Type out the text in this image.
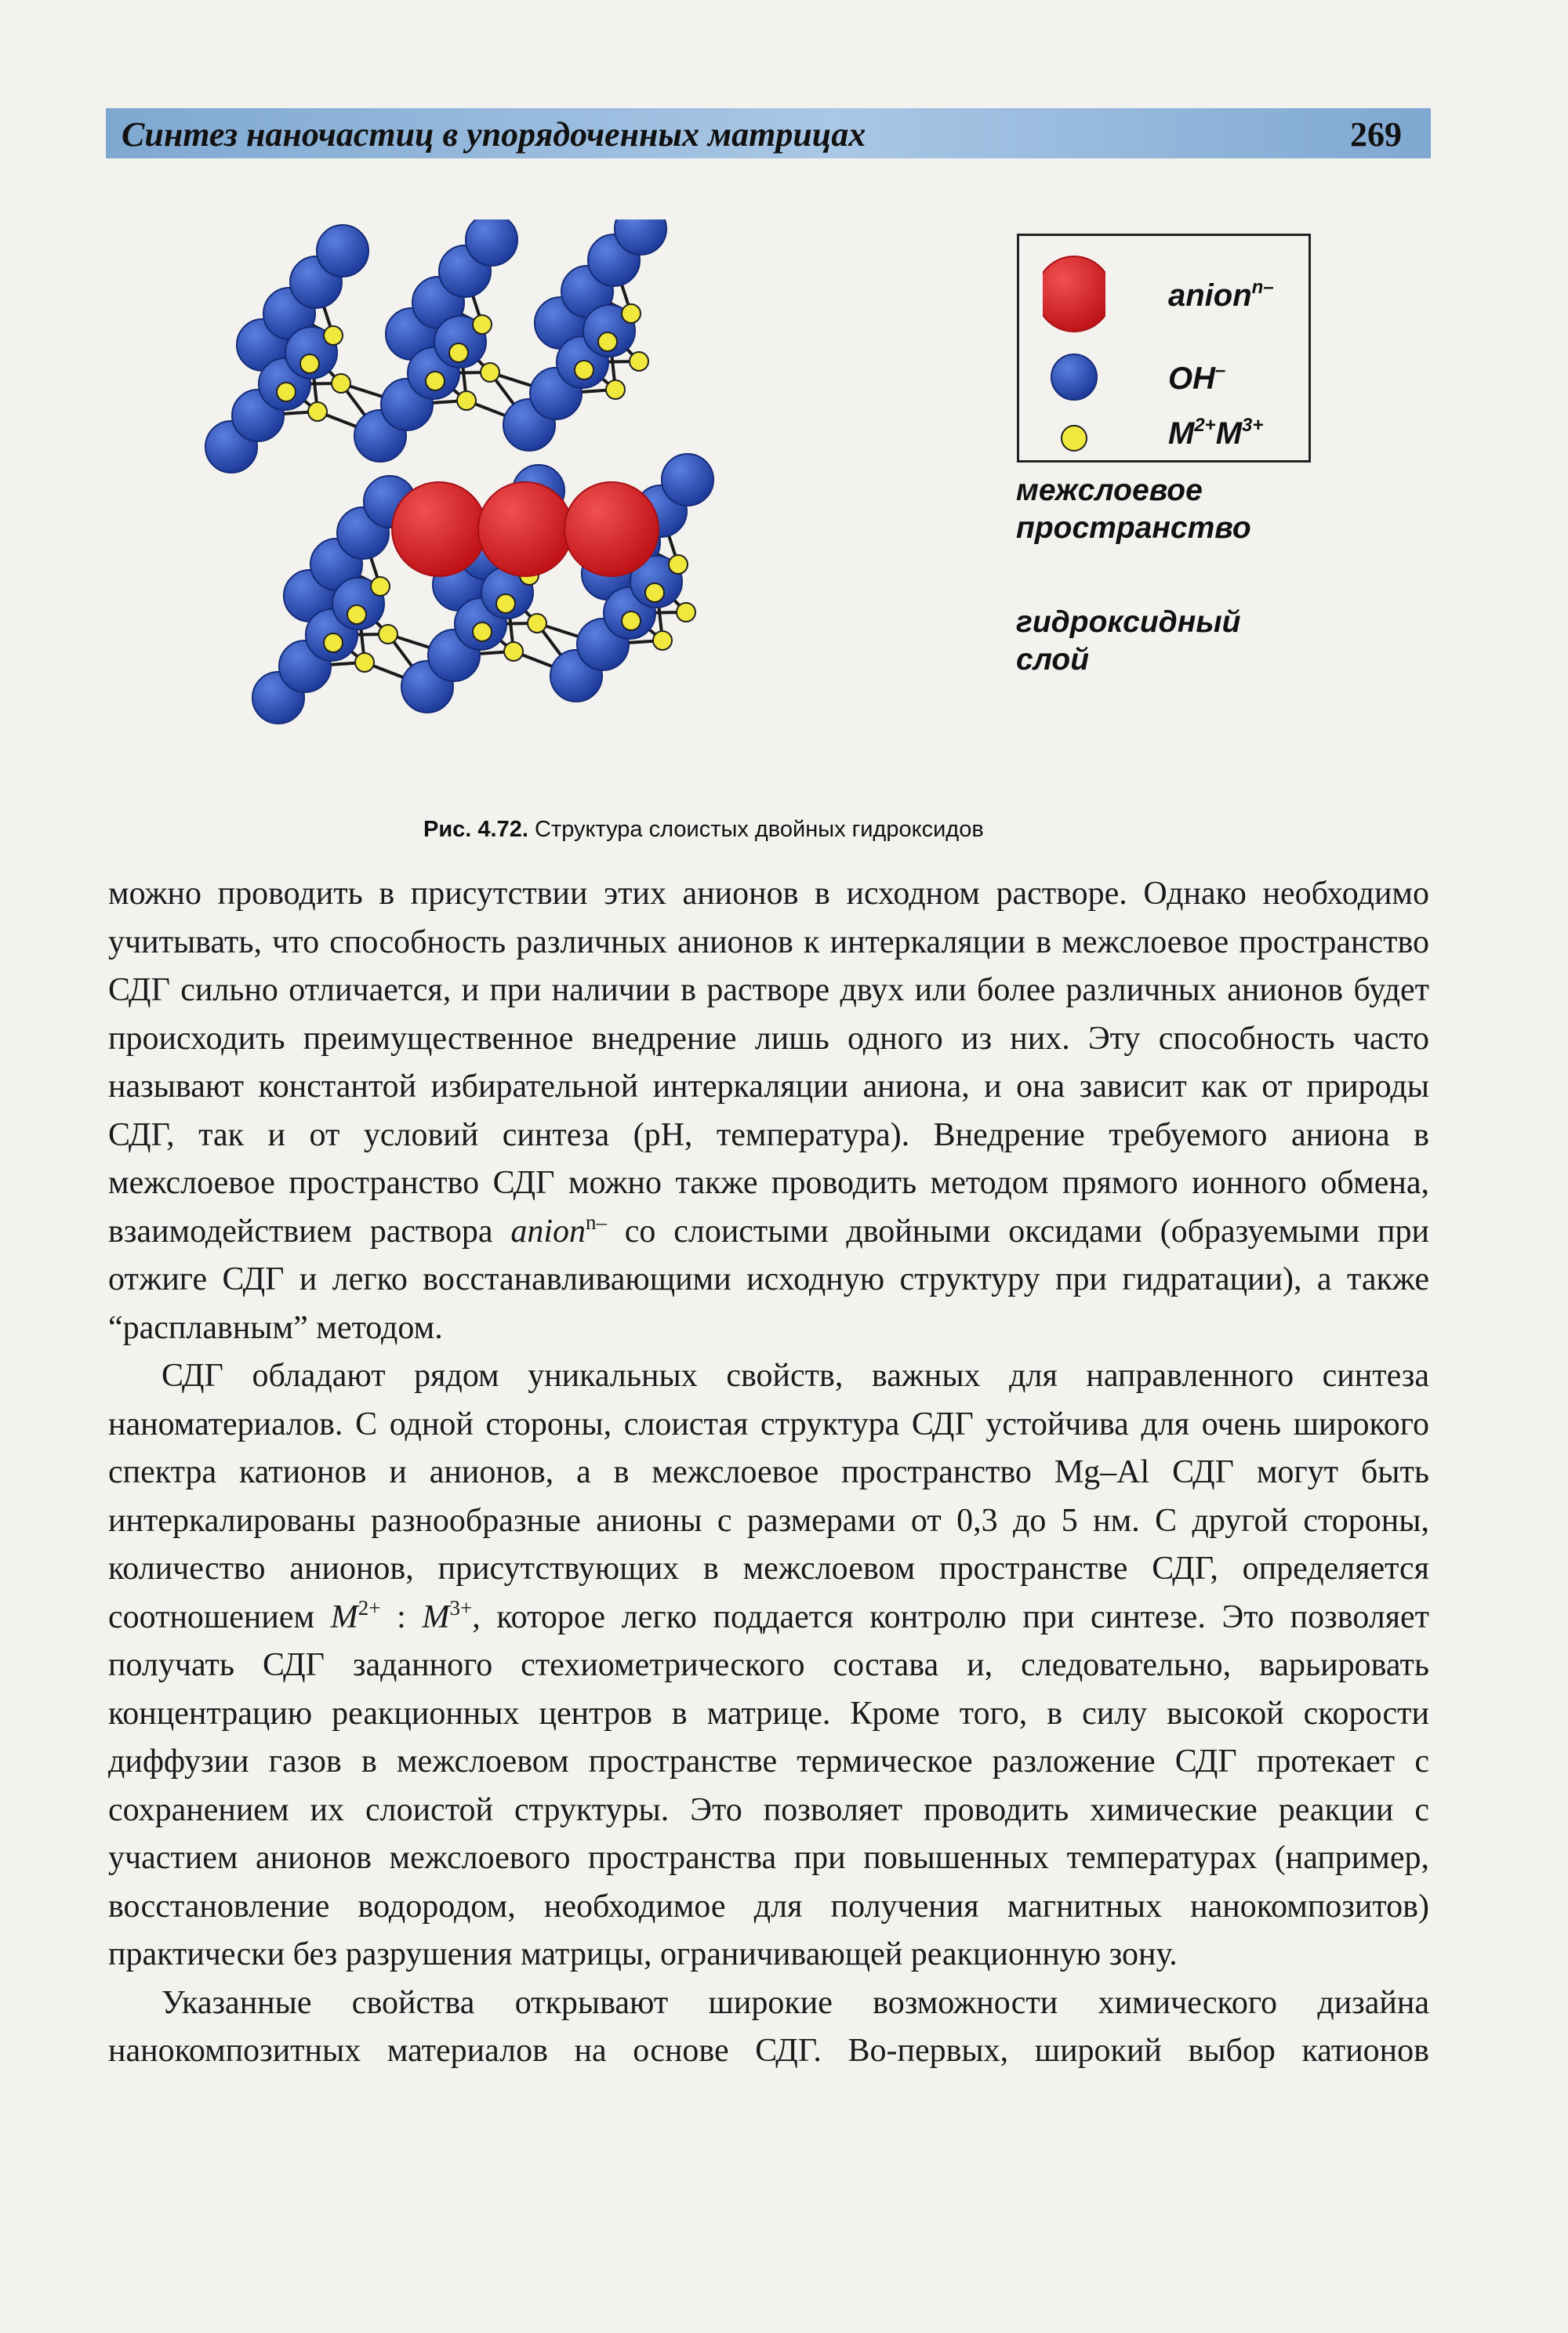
Синтез наночастиц в упорядоченных матрицах	269
anion$^{n-}$
OH–
$M^{2+}M^{3+}$
межслоевое
пространство
гидроксидный
слой
Рис. 4.72. Структура слоистых двойных гидроксидов

можно проводить в присутствии этих анионов в исходном растворе. Однако необходимо учитывать, что способность различных анионов к интеркаляции в межслоевое пространство СДГ сильно отличается, и при наличии в растворе двух или более различных анионов будет происходить преимущественное внедрение лишь одного из них. Эту способность часто называют константой избирательной интеркаляции аниона, и она зависит как от природы СДГ, так и от условий синтеза (рН, температура). Внедрение требуемого аниона в межслоевое пространство СДГ можно также проводить методом прямого ионного обмена, взаимодействием раствора anion$^{n-}$ со слоистыми двойными оксидами (образуемыми при отжиге СДГ и легко восстанавливающими исходную структуру при гидратации), а также “расплавным” методом.

СДГ обладают рядом уникальных свойств, важных для направленного синтеза наноматериалов. С одной стороны, слоистая структура СДГ устойчива для очень широкого спектра катионов и анионов, а в межслоевое пространство Mg–Al СДГ могут быть интеркалированы разнообразные анионы с размерами от 0,3 до 5 нм. С другой стороны, количество анионов, присутствующих в межслоевом пространстве СДГ, определяется соотношением $M^{2+}$ : $M^{3+}$, которое легко поддается контролю при синтезе. Это позволяет получать СДГ заданного стехиометрического состава и, следовательно, варьировать концентрацию реакционных центров в матрице. Кроме того, в силу высокой скорости диффузии газов в межслоевом пространстве термическое разложение СДГ протекает с сохранением их слоистой структуры. Это позволяет проводить химические реакции с участием анионов межслоевого пространства при повышенных температурах (например, восстановление водородом, необходимое для получения магнитных нанокомпозитов) практически без разрушения матрицы, ограничивающей реакционную зону.

Указанные свойства открывают широкие возможности химического дизайна нанокомпозитных материалов на основе СДГ. Во-первых, широкий выбор катионов
